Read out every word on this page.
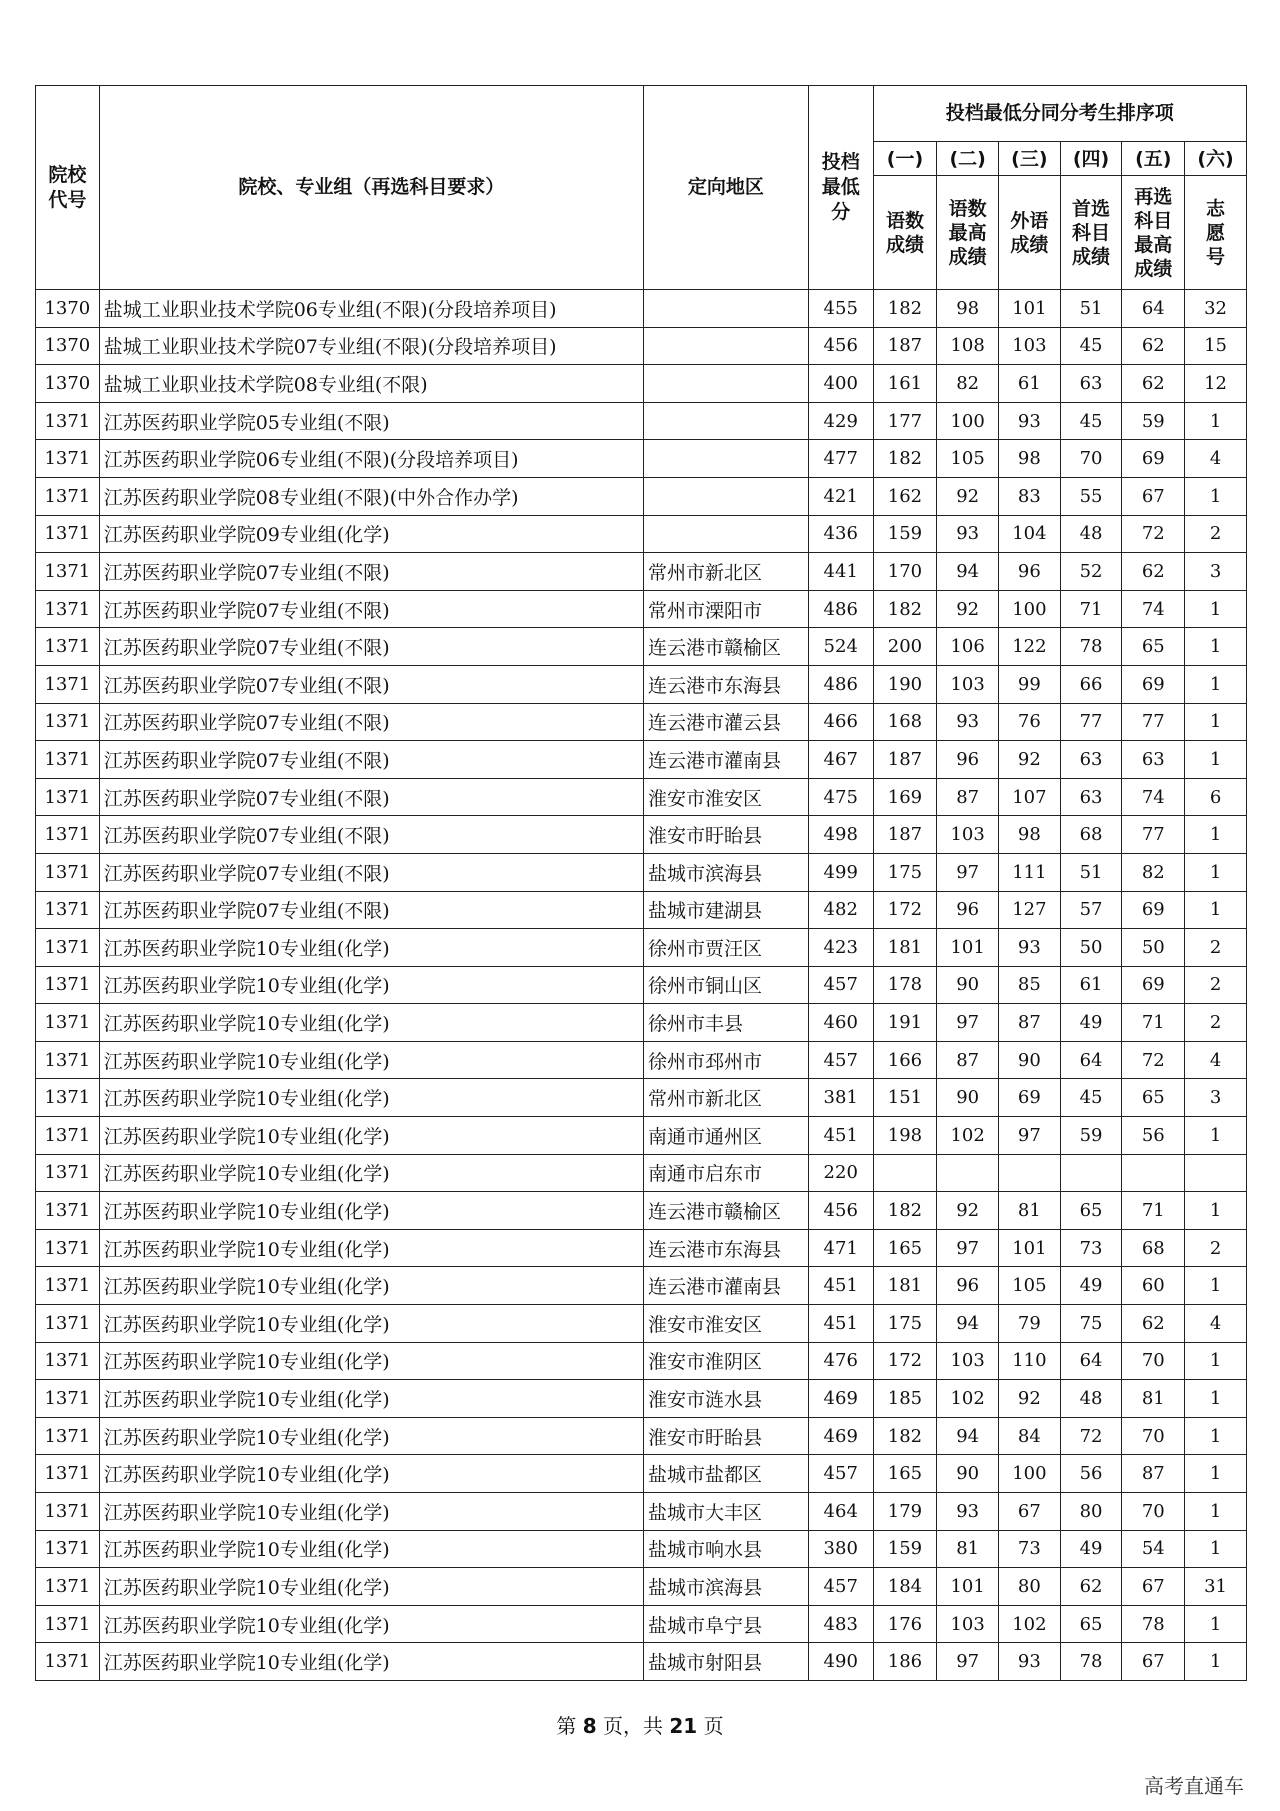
院校代号	院校、专业组（再选科目要求）	定向地区	投档最低分	投档最低分同分考生排序项					
				(一)	(二)	(三)	(四)	(五)	(六)
				语数成绩	语数最高成绩	外语成绩	首选科目成绩	再选科目最高成绩	志愿号
1370	盐城工业职业技术学院06专业组(不限)(分段培养项目)		455	182	98	101	51	64	32
1370	盐城工业职业技术学院07专业组(不限)(分段培养项目)		456	187	108	103	45	62	15
1370	盐城工业职业技术学院08专业组(不限)		400	161	82	61	63	62	12
1371	江苏医药职业学院05专业组(不限)		429	177	100	93	45	59	1
1371	江苏医药职业学院06专业组(不限)(分段培养项目)		477	182	105	98	70	69	4
1371	江苏医药职业学院08专业组(不限)(中外合作办学)		421	162	92	83	55	67	1
1371	江苏医药职业学院09专业组(化学)		436	159	93	104	48	72	2
1371	江苏医药职业学院07专业组(不限)	常州市新北区	441	170	94	96	52	62	3
1371	江苏医药职业学院07专业组(不限)	常州市溧阳市	486	182	92	100	71	74	1
1371	江苏医药职业学院07专业组(不限)	连云港市赣榆区	524	200	106	122	78	65	1
1371	江苏医药职业学院07专业组(不限)	连云港市东海县	486	190	103	99	66	69	1
1371	江苏医药职业学院07专业组(不限)	连云港市灌云县	466	168	93	76	77	77	1
1371	江苏医药职业学院07专业组(不限)	连云港市灌南县	467	187	96	92	63	63	1
1371	江苏医药职业学院07专业组(不限)	淮安市淮安区	475	169	87	107	63	74	6
1371	江苏医药职业学院07专业组(不限)	淮安市盱眙县	498	187	103	98	68	77	1
1371	江苏医药职业学院07专业组(不限)	盐城市滨海县	499	175	97	111	51	82	1
1371	江苏医药职业学院07专业组(不限)	盐城市建湖县	482	172	96	127	57	69	1
1371	江苏医药职业学院10专业组(化学)	徐州市贾汪区	423	181	101	93	50	50	2
1371	江苏医药职业学院10专业组(化学)	徐州市铜山区	457	178	90	85	61	69	2
1371	江苏医药职业学院10专业组(化学)	徐州市丰县	460	191	97	87	49	71	2
1371	江苏医药职业学院10专业组(化学)	徐州市邳州市	457	166	87	90	64	72	4
1371	江苏医药职业学院10专业组(化学)	常州市新北区	381	151	90	69	45	65	3
1371	江苏医药职业学院10专业组(化学)	南通市通州区	451	198	102	97	59	56	1
1371	江苏医药职业学院10专业组(化学)	南通市启东市	220						
1371	江苏医药职业学院10专业组(化学)	连云港市赣榆区	456	182	92	81	65	71	1
1371	江苏医药职业学院10专业组(化学)	连云港市东海县	471	165	97	101	73	68	2
1371	江苏医药职业学院10专业组(化学)	连云港市灌南县	451	181	96	105	49	60	1
1371	江苏医药职业学院10专业组(化学)	淮安市淮安区	451	175	94	79	75	62	4
1371	江苏医药职业学院10专业组(化学)	淮安市淮阴区	476	172	103	110	64	70	1
1371	江苏医药职业学院10专业组(化学)	淮安市涟水县	469	185	102	92	48	81	1
1371	江苏医药职业学院10专业组(化学)	淮安市盱眙县	469	182	94	84	72	70	1
1371	江苏医药职业学院10专业组(化学)	盐城市盐都区	457	165	90	100	56	87	1
1371	江苏医药职业学院10专业组(化学)	盐城市大丰区	464	179	93	67	80	70	1
1371	江苏医药职业学院10专业组(化学)	盐城市响水县	380	159	81	73	49	54	1
1371	江苏医药职业学院10专业组(化学)	盐城市滨海县	457	184	101	80	62	67	31
1371	江苏医药职业学院10专业组(化学)	盐城市阜宁县	483	176	103	102	65	78	1
1371	江苏医药职业学院10专业组(化学)	盐城市射阳县	490	186	97	93	78	67	1
第 8 页，共 21 页
高考直通车
